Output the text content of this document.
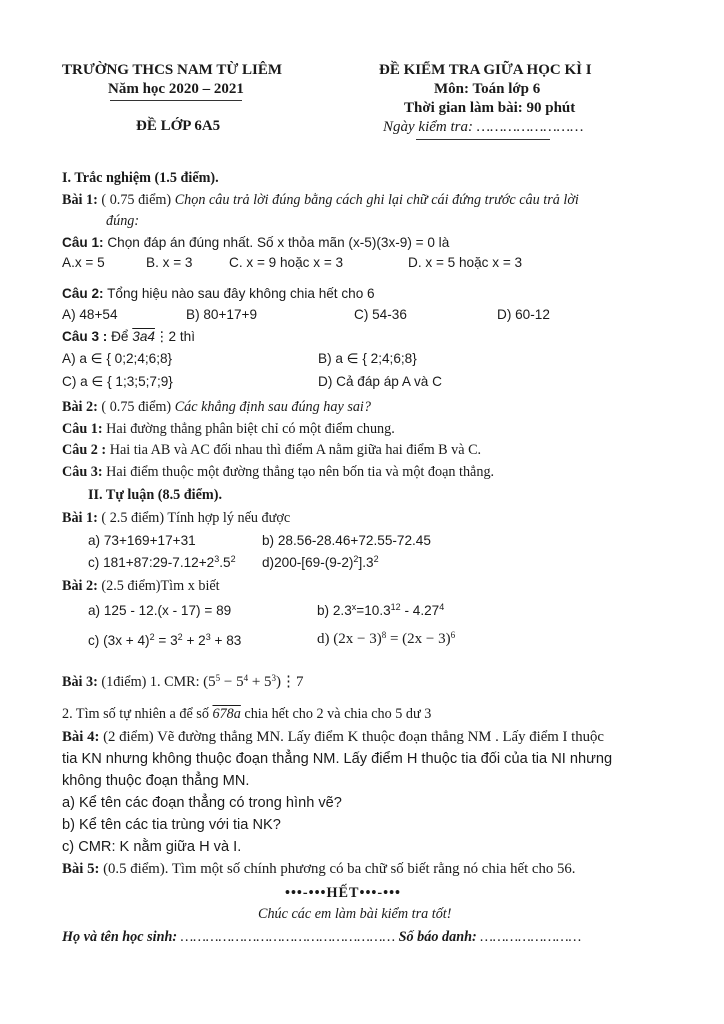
TRƯỜNG THCS NAM TỪ LIÊM
Năm học 2020 – 2021
ĐỀ LỚP 6A5
ĐỀ KIỂM TRA GIỮA HỌC KÌ I
Môn: Toán lớp 6
Thời gian làm bài: 90 phút
Ngày kiểm tra: ……………………
I. Trắc nghiệm (1.5 điểm).
Bài 1: ( 0.75 điểm) Chọn câu trả lời đúng bằng cách ghi lại chữ cái đứng trước câu trả lời
đúng:
Câu 1: Chọn đáp án đúng nhất. Số x thỏa mãn (x-5)(3x-9) = 0 là
A.x = 5	B. x = 3	C. x = 9 hoặc x = 3	D. x = 5 hoặc x = 3
Câu 2: Tổng hiệu nào sau đây không chia hết cho 6
A) 48+54	B) 80+17+9	C) 54-36	D) 60-12
Câu 3 : Để 3a4⋮2 thì
A) a ∈ { 0;2;4;6;8}	B) a ∈ { 2;4;6;8}
C) a ∈ { 1;3;5;7;9}	D) Cả đáp áp A và C
Bài 2: ( 0.75 điểm) Các khẳng định sau đúng hay sai?
Câu 1: Hai đường thẳng phân biệt chỉ có một điểm chung.
Câu 2 : Hai tia AB và AC đối nhau thì điểm A nằm giữa hai điểm B và C.
Câu 3: Hai điểm thuộc một đường thẳng tạo nên bốn tia và một đoạn thẳng.
II. Tự luận (8.5 điểm).
Bài 1: ( 2.5 điểm) Tính hợp lý nếu được
a) 73+169+17+31	b) 28.56-28.46+72.55-72.45
c) $181+87:29-7.12+2^3.5^2$ $d)200-[69-(9-2)^2].3^2$
Bài 2: (2.5 điểm)Tìm x biết
a) 125 - 12.(x - 17) = 89	b) $2.3^x=10.3^{12} - 4.27^4$
c) $(3x + 4)^2 = 3^2 + 2^3 + 83$	d) $(2x - 3)^8 = (2x - 3)^6$
Bài 3: (1điểm) 1. CMR: ($5^5 - 5^4$ + $5^3)⋮7$
2. Tìm số tự nhiên a để số 678a chia hết cho 2 và chia cho 5 dư 3
Bài 4: (2 điểm) Vẽ đường thẳng MN. Lấy điểm K thuộc đoạn thẳng NM . Lấy điểm I thuộc
tia KN nhưng không thuộc đoạn thẳng NM. Lấy điểm H thuộc tia đối của tia NI nhưng
không thuộc đoạn thẳng MN.
a) Kể tên các đoạn thẳng có trong hình vẽ?
b) Kể tên các tia trùng với tia NK?
c) CMR: K nằm giữa H và I.
Bài 5: (0.5 điểm). Tìm một số chính phương có ba chữ số biết rằng nó chia hết cho 56.
•••-•••HẾT•••-•••
Chúc các em làm bài kiểm tra tốt!
Họ và tên học sinh: …………………………………………… Số báo danh: ……………………
